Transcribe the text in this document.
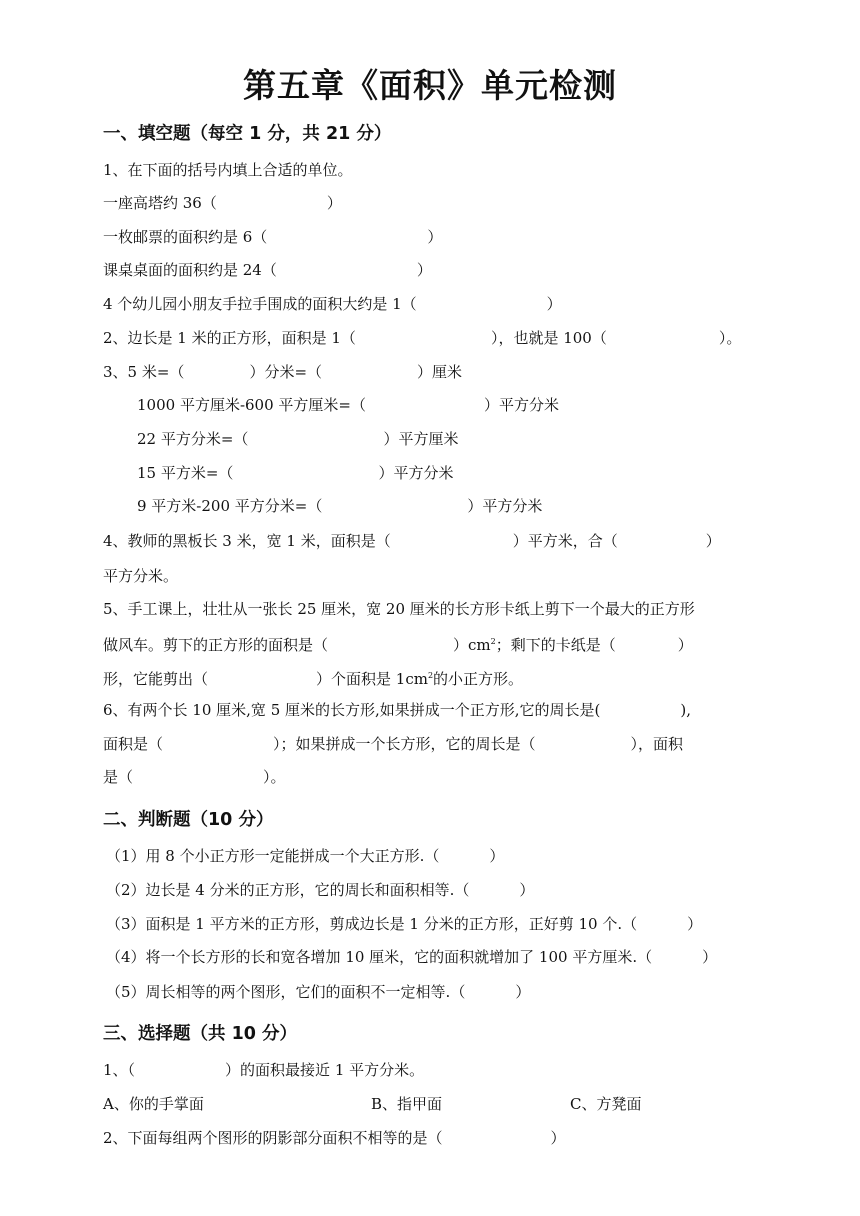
第五章《面积》单元检测
一、填空题（每空 1 分，共 21 分）
1、在下面的括号内填上合适的单位。
一座高塔约 36（	）
一枚邮票的面积约是 6（	）
课桌桌面的面积约是 24（	）
4 个幼儿园小朋友手拉手围成的面积大约是 1（	）
2、边长是 1 米的正方形，面积是 1（	），也就是 100（	）。
3、5 米=（	）分米=（	）厘米
1000 平方厘米-600 平方厘米=（	）平方分米
22 平方分米=（	）平方厘米
15 平方米=（	）平方分米
9 平方米-200 平方分米=（	）平方分米
4、教师的黑板长 3 米，宽 1 米，面积是（	）平方米，合（	）
平方分米。
5、手工课上，壮壮从一张长 25 厘米，宽 20 厘米的长方形卡纸上剪下一个最大的正方形
做风车。剪下的正方形的面积是（	）$cm^2$；剩下的卡纸是（	）
形，它能剪出（	）个面积是 $1cm^2$的小正方形。
6、有两个长 10 厘米,宽 5 厘米的长方形,如果拼成一个正方形,它的周长是(	),
面积是（	）；如果拼成一个长方形，它的周长是（	），面积
是（	）。
二、判断题（10 分）
（1）用 8 个小正方形一定能拼成一个大正方形.（	）
（2）边长是 4 分米的正方形，它的周长和面积相等.（	）
（3）面积是 1 平方米的正方形，剪成边长是 1 分米的正方形，正好剪 10 个.（	）
（4）将一个长方形的长和宽各增加 10 厘米，它的面积就增加了 100 平方厘米.（	）
（5）周长相等的两个图形，它们的面积不一定相等.（	）
三、选择题（共 10 分）
1、（	）的面积最接近 1 平方分米。
A、你的手掌面	B、指甲面	C、方凳面
2、下面每组两个图形的阴影部分面积不相等的是（	）
